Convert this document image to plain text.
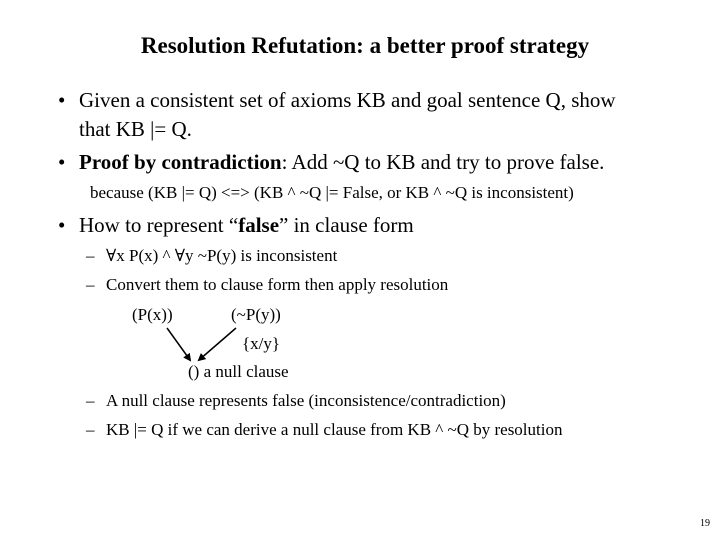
Resolution Refutation: a better proof strategy
• Given a consistent set of axioms KB and goal sentence Q, show
that KB |= Q.
• Proof by contradiction: Add ~Q to KB and try to prove false.
because (KB |= Q) <=> (KB ^ ~Q |= False, or KB ^ ~Q is inconsistent)
• How to represent “false” in clause form
– ∀x P(x) ^ ∀y ~P(y) is inconsistent
– Convert them to clause form then apply resolution
(P(x))	(~P(y))
{x/y}
() a null clause
– A null clause represents false (inconsistence/contradiction)
– KB |= Q if we can derive a null clause from KB ^ ~Q by resolution
19
